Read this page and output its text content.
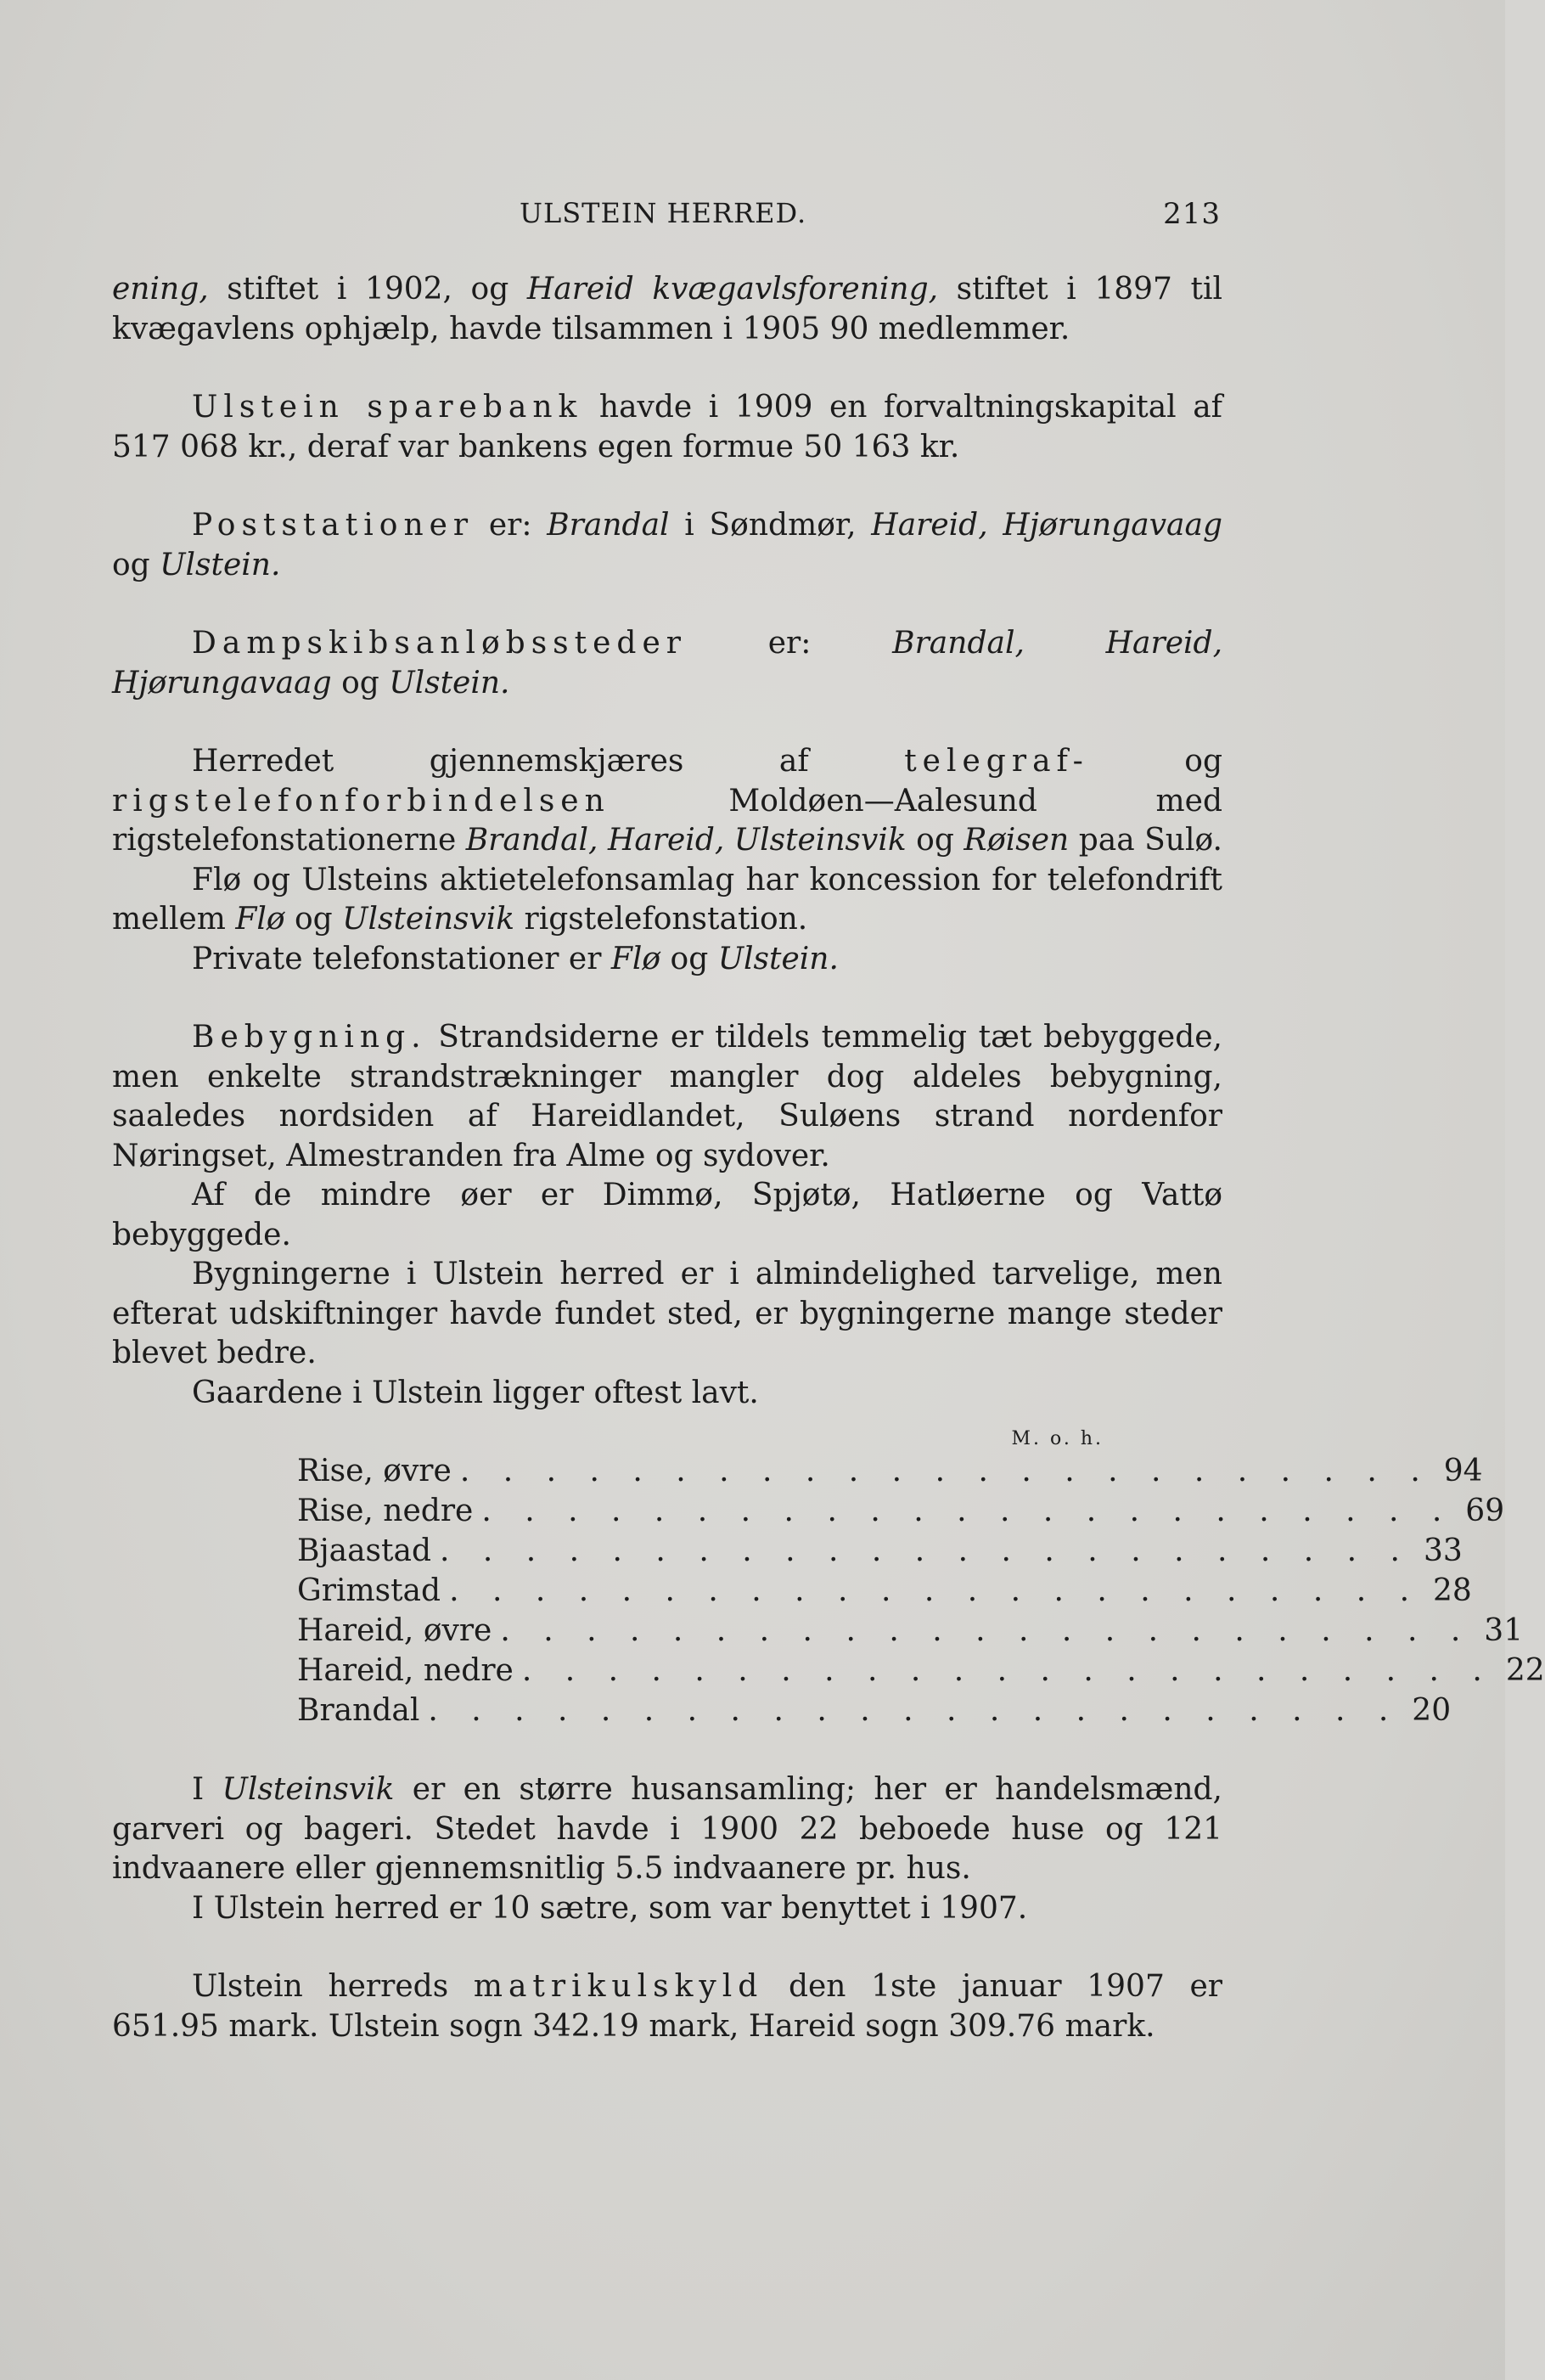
ULSTEIN HERRED.	213

ening, stiftet i 1902, og Hareid kvægavlsforening, stiftet i 1897 til kvægavlens ophjælp, havde tilsammen i 1905 90 medlemmer.

Ulstein sparebank havde i 1909 en forvaltningskapital af 517 068 kr., deraf var bankens egen formue 50 163 kr.

Poststationer er: Brandal i Søndmør, Hareid, Hjørungavaag og Ulstein.

Dampskibsanløbssteder er: Brandal, Hareid, Hjørungavaag og Ulstein.

Herredet gjennemskjæres af telegraf- og rigstelefonforbindelsen Moldøen—Aalesund med rigstelefonstationerne Brandal, Hareid, Ulsteinsvik og Røisen paa Sulø.

Flø og Ulsteins aktietelefonsamlag har koncession for telefondrift mellem Flø og Ulsteinsvik rigstelefonstation.

Private telefonstationer er Flø og Ulstein.

Bebygning. Strandsiderne er tildels temmelig tæt bebyggede, men enkelte strandstrækninger mangler dog aldeles bebygning, saaledes nordsiden af Hareidlandet, Suløens strand nordenfor Nøringset, Almestranden fra Alme og sydover.

Af de mindre øer er Dimmø, Spjøtø, Hatløerne og Vattø bebyggede.

Bygningerne i Ulstein herred er i almindelighed tarvelige, men efterat udskiftninger havde fundet sted, er bygningerne mange steder blevet bedre.

Gaardene i Ulstein ligger oftest lavt.

M. o. h.
Rise, øvre . . . . . . . . . . . . . . . . . . . . . . . 94
Rise, nedre . . . . . . . . . . . . . . . . . . . . . . . 69
Bjaastad . . . . . . . . . . . . . . . . . . . . . . . 33
Grimstad . . . . . . . . . . . . . . . . . . . . . . . 28
Hareid, øvre . . . . . . . . . . . . . . . . . . . . . . . 31
Hareid, nedre . . . . . . . . . . . . . . . . . . . . . . . 22
Brandal . . . . . . . . . . . . . . . . . . . . . . . 20

I Ulsteinsvik er en større husansamling; her er handelsmænd, garveri og bageri. Stedet havde i 1900 22 beboede huse og 121 indvaanere eller gjennemsnitlig 5.5 indvaanere pr. hus.

I Ulstein herred er 10 sætre, som var benyttet i 1907.

Ulstein herreds matrikulskyld den 1ste januar 1907 er 651.95 mark. Ulstein sogn 342.19 mark, Hareid sogn 309.76 mark.
